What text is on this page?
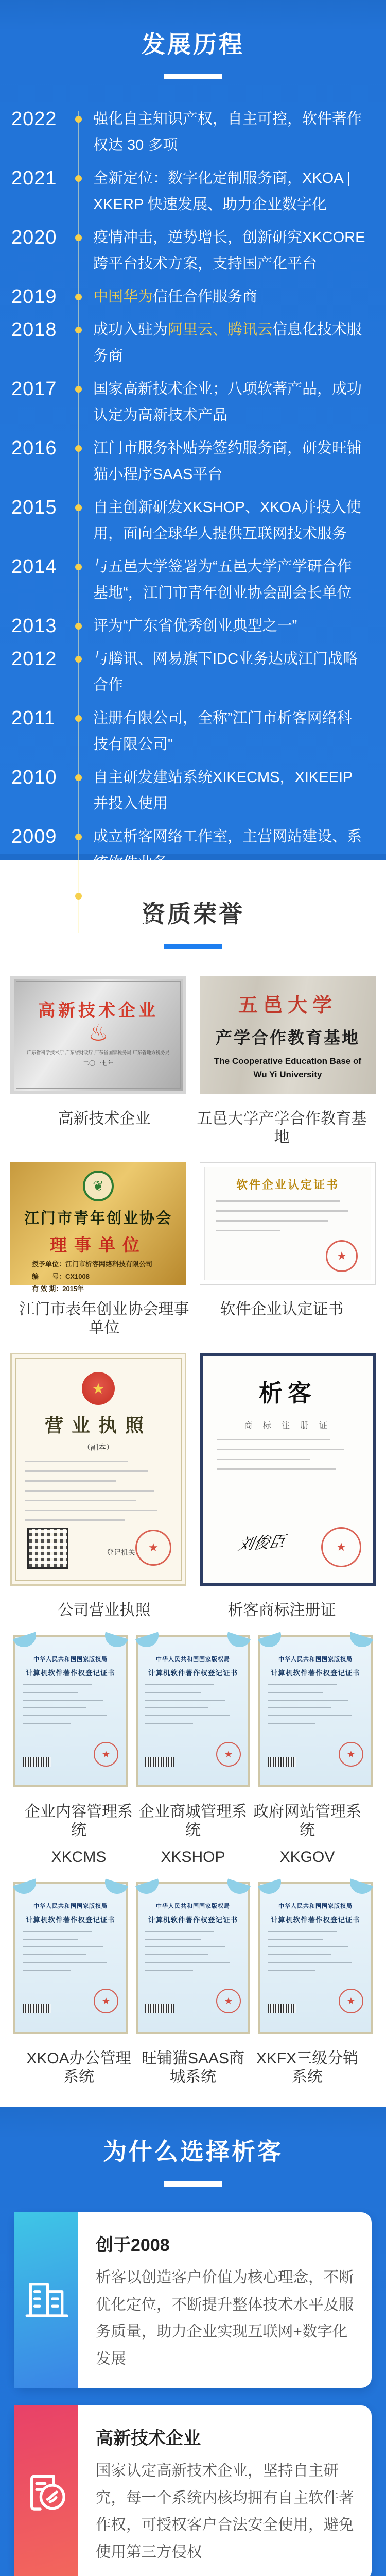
发展历程
2022	强化自主知识产权，自主可控，软件著作权达 30 多项
2021	全新定位：数字化定制服务商，XKOA | XKERP 快速发展、助力企业数字化
2020	疫情冲击，逆势增长，创新研究XKCORE跨平台技术方案，支持国产化平台
2019	中国华为信任合作服务商
2018	成功入驻为阿里云、腾讯云信息化技术服务商
2017	国家高新技术企业；八项软著产品，成功认定为高新技术产品
2016	江门市服务补贴券签约服务商，研发旺铺猫小程序SAAS平台
2015	自主创新研发XKSHOP、XKOA并投入使用，面向全球华人提供互联网技术服务
2014	与五邑大学签署为“五邑大学产学研合作基地“，江门市青年创业协会副会长单位
2013	评为“广东省优秀创业典型之一”
2012	与腾讯、网易旗下IDC业务达成江门战略合作
2011	注册有限公司，全称”江门市析客网络科技有限公司"
2010	自主研发建站系统XIKECMS，XIKEEIP并投入使用
2009	成立析客网络工作室，主营网站建设、系统软件业务
2008	于五邑大学创立，前身为 “五邑大学电子商务协会”
资质荣誉
高新技术企业
♨
广东省科学技术厅 广东省财政厅 广东省国家税务局 广东省地方税务局
二〇一七年
五邑大学
产学合作教育基地
The Cooperative Education Base of
Wu Yi University
高新技术企业	五邑大学产学合作教育基地
❦
江门市青年创业协会
理事单位
授予单位：江门市析客网络科技有限公司
编　　号：CX1008
有 效 期：2015年
软件企业认定证书
★
江门市表年创业协会理事单位
软件企业认定证书
★
营业执照
（副本）
登记机关	★
析客
商 标 注 册 证
刘俊臣	★
公司营业执照	析客商标注册证
中华人民共和国国家版权局
计算机软件著作权登记证书
★
中华人民共和国国家版权局
计算机软件著作权登记证书
★
中华人民共和国国家版权局
计算机软件著作权登记证书
★
企业内容管理系统
XKCMS
企业商城管理系统
XKSHOP
政府网站管理系统
XKGOV
中华人民共和国国家版权局
计算机软件著作权登记证书
★
中华人民共和国国家版权局
计算机软件著作权登记证书
★
中华人民共和国国家版权局
计算机软件著作权登记证书
★
XKOA办公管理系统
旺铺猫SAAS商城系统
XKFX三级分销系统
为什么选择析客
创于2008

析客以创造客户价值为核心理念，不断优化定位，不断提升整体技术水平及服务质量，助力企业实现互联网+数字化发展

高新技术企业

国家认定高新技术企业，坚持自主研究，每一个系统内核均拥有自主软件著作权，可授权客户合法安全使用，避免使用第三方侵权
